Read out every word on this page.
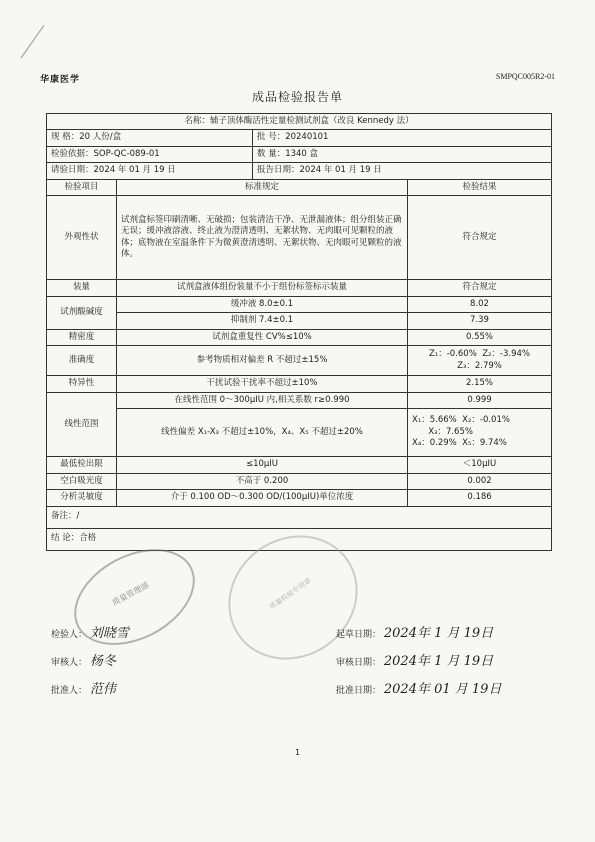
华康医学	SMPQC005R2-01
成品检验报告单
名称：辅子顶体酶活性定量检测试剂盒（改良 Kennedy 法）			
规 格：20 人份/盒		批 号：20240101	
检验依据：SOP-QC-089-01		数 量：1340 盒	
请验日期：2024 年 01 月 19 日		报告日期：2024 年 01 月 19 日	
检验项目	标准规定		检验结果
外观性状	试剂盒标签印刷清晰、无破损；包装清洁干净、无泄漏液体；组分组装正确无误；缓冲液溶液、终止液为澄清透明、无絮状物、无肉眼可见颗粒的液体；底物液在室温条件下为微黄澄清透明、无絮状物、无肉眼可见颗粒的液体。		符合规定
装量	试剂盒液体组份装量不小于组份标签标示装量		符合规定
试剂酸碱度	缓冲液 8.0±0.1		8.02
	抑制剂 7.4±0.1		7.39
精密度	试剂盒重复性 CV%≤10%		0.55%
准确度	参考物质相对偏差 R 不超过±15%		Z₁：-0.60% Z₂：-3.94%
Z₃：2.79%
特异性	干扰试验干扰率不超过±10%		2.15%
线性范围	在线性范围 0～300μIU 内,相关系数 r≥0.990		0.999
	线性偏差 X₁-X₃ 不超过±10%，X₄、X₅ 不超过±20%		X₁：5.66% X₂：-0.01%
X₃：7.65%
X₄：0.29% X₅：9.74%
最低检出限	≤10μIU		＜10μIU
空白吸光度	不高于 0.200		0.002
分析灵敏度	介于 0.100 OD～0.300 OD/(100μIU)单位浓度		0.186
备注：/			
结 论：合格			
质量管理部	质量检验专用章
检验人： 刘晓雪
审核人： 杨冬
批准人： 范伟
起草日期： 2024年 1 月 19日
审核日期： 2024年 1 月 19日
批准日期： 2024年 01 月 19日
1
